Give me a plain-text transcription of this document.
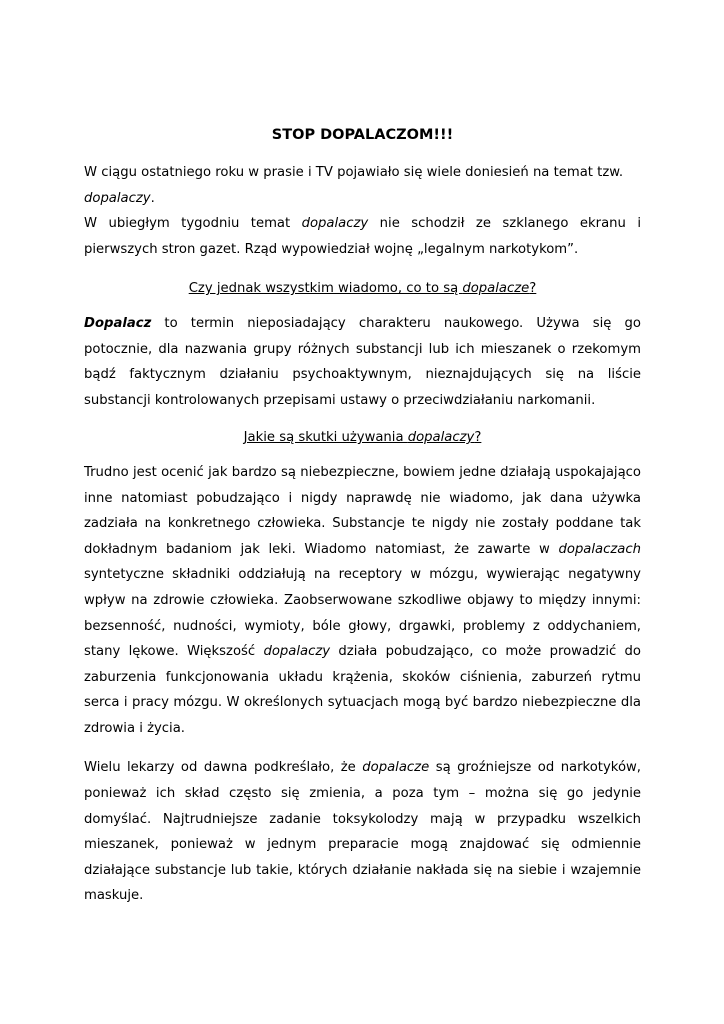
STOP DOPALACZOM!!!

W ciągu ostatniego roku w prasie i TV pojawiało się wiele doniesień na temat tzw.
dopalaczy.

W ubiegłym tygodniu temat dopalaczy nie schodził ze szklanego ekranu i pierwszych stron gazet. Rząd wypowiedział wojnę „legalnym narkotykom”.

Czy jednak wszystkim wiadomo, co to są dopalacze?

Dopalacz to termin nieposiadający charakteru naukowego. Używa się go potocznie, dla nazwania grupy różnych substancji lub ich mieszanek o rzekomym bądź faktycznym działaniu psychoaktywnym, nieznajdujących się na liście substancji kontrolowanych przepisami ustawy o przeciwdziałaniu narkomanii.

Jakie są skutki używania dopalaczy?

Trudno jest ocenić jak bardzo są niebezpieczne, bowiem jedne działają uspokajająco inne natomiast pobudzająco i nigdy naprawdę nie wiadomo, jak dana używka zadziała na konkretnego człowieka. Substancje te nigdy nie zostały poddane tak dokładnym badaniom jak leki. Wiadomo natomiast, że zawarte w dopalaczach syntetyczne składniki oddziałują na receptory w mózgu, wywierając negatywny wpływ na zdrowie człowieka. Zaobserwowane szkodliwe objawy to między innymi: bezsenność, nudności, wymioty, bóle głowy, drgawki, problemy z oddychaniem, stany lękowe. Większość dopalaczy działa pobudzająco, co może prowadzić do zaburzenia funkcjonowania układu krążenia, skoków ciśnienia, zaburzeń rytmu serca i pracy mózgu. W określonych sytuacjach mogą być bardzo niebezpieczne dla zdrowia i życia.

Wielu lekarzy od dawna podkreślało, że dopalacze są groźniejsze od narkotyków, ponieważ ich skład często się zmienia, a poza tym – można się go jedynie domyślać. Najtrudniejsze zadanie toksykolodzy mają w przypadku wszelkich mieszanek, ponieważ w jednym preparacie mogą znajdować się odmiennie działające substancje lub takie, których działanie nakłada się na siebie i wzajemnie maskuje.
